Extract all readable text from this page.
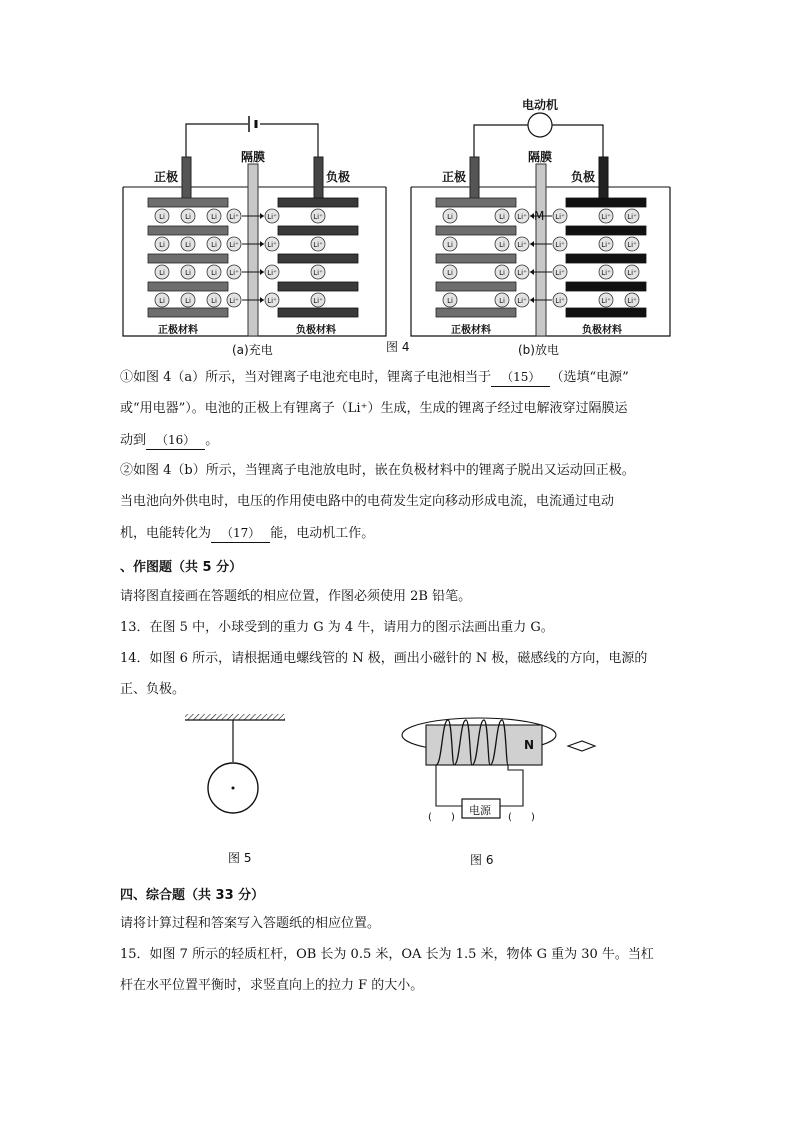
Li	Li	Li	Li⁺
Li⁺	Li⁺
Li	Li	Li	Li⁺
Li⁺	Li⁺
Li	Li	Li	Li⁺
Li⁺	Li⁺
Li	Li	Li	Li⁺
Li⁺	Li⁺
Li	Li	Li⁺ Li⁺
Li⁺	Li⁺
Li	Li	Li⁺ Li⁺
Li⁺	Li⁺
Li	Li	Li⁺ Li⁺
Li⁺	Li⁺
Li	Li	Li⁺ Li⁺
Li⁺	Li⁺
电动机
M
正极
隔膜
负极
正极材料	负极材料
(a)充电
正极
隔膜
负极
正极材料	负极材料
(b)放电
图 4
①如图 4（a）所示，当对锂离子电池充电时，锂离子电池相当于 （15） （选填“电源”
或“用电器”）。电池的正极上有锂离子（Li⁺）生成，生成的锂离子经过电解液穿过隔膜运
动到 （16） 。
②如图 4（b）所示，当锂离子电池放电时，嵌在负极材料中的锂离子脱出又运动回正极。
当电池向外供电时，电压的作用使电路中的电荷发生定向移动形成电流，电流通过电动
机，电能转化为 （17） 能，电动机工作。
、作图题（共 5 分）
请将图直接画在答题纸的相应位置，作图必须使用 2B 铅笔。
13．在图 5 中，小球受到的重力 G 为 4 牛，请用力的图示法画出重力 G。
14．如图 6 所示，请根据通电螺线管的 N 极，画出小磁针的 N 极，磁感线的方向，电源的
正、负极。
图 5
N
电源
(      )	(      )
图 6
四、综合题（共 33 分）
请将计算过程和答案写入答题纸的相应位置。
15．如图 7 所示的轻质杠杆，OB 长为 0.5 米，OA 长为 1.5 米，物体 G 重为 30 牛。当杠
杆在水平位置平衡时，求竖直向上的拉力 F 的大小。
